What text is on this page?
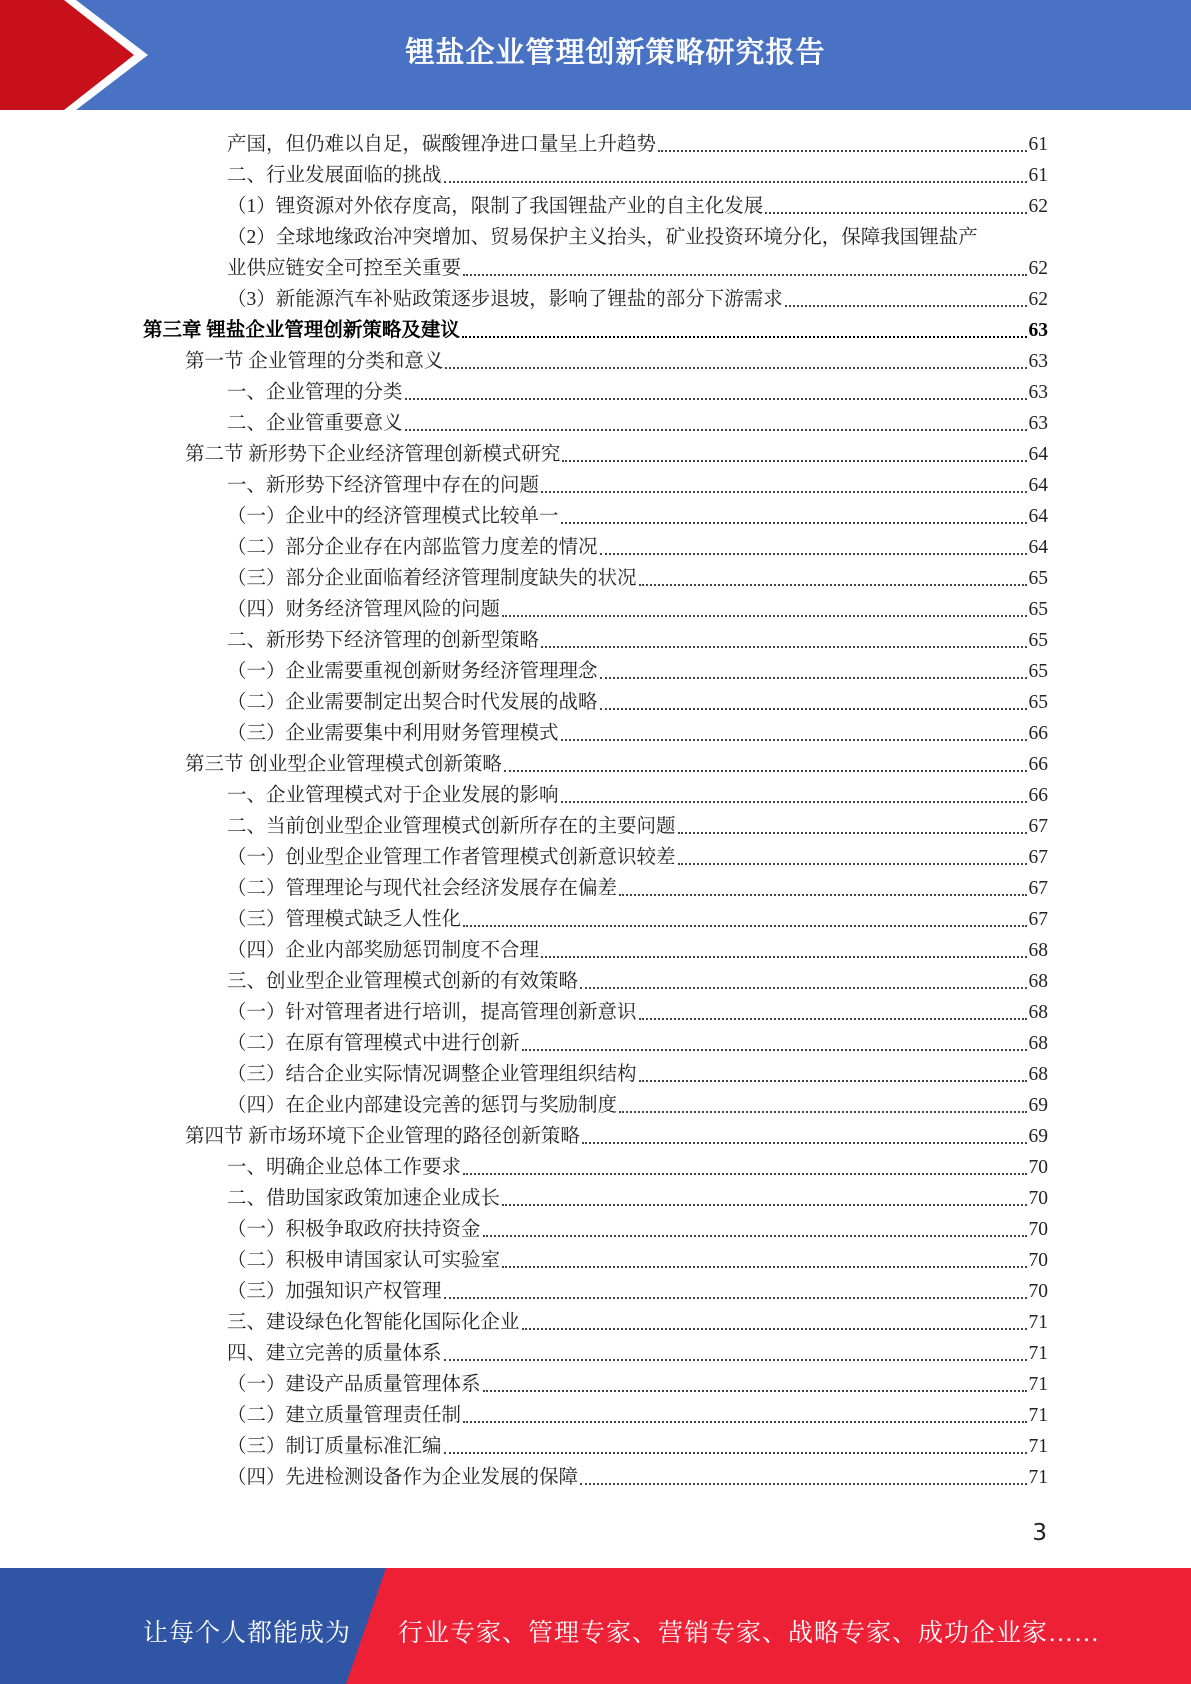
锂盐企业管理创新策略研究报告
产国，但仍难以自足，碳酸锂净进口量呈上升趋势	61
二、行业发展面临的挑战	61
（1）锂资源对外依存度高，限制了我国锂盐产业的自主化发展	62
（2）全球地缘政治冲突增加、贸易保护主义抬头，矿业投资环境分化，保障我国锂盐产
业供应链安全可控至关重要	62
（3）新能源汽车补贴政策逐步退坡，影响了锂盐的部分下游需求	62
第三章 锂盐企业管理创新策略及建议	63
第一节 企业管理的分类和意义	63
一、企业管理的分类	63
二、企业管重要意义	63
第二节 新形势下企业经济管理创新模式研究	64
一、新形势下经济管理中存在的问题	64
（一）企业中的经济管理模式比较单一	64
（二）部分企业存在内部监管力度差的情况	64
（三）部分企业面临着经济管理制度缺失的状况	65
（四）财务经济管理风险的问题	65
二、新形势下经济管理的创新型策略	65
（一）企业需要重视创新财务经济管理理念	65
（二）企业需要制定出契合时代发展的战略	65
（三）企业需要集中利用财务管理模式	66
第三节 创业型企业管理模式创新策略	66
一、企业管理模式对于企业发展的影响	66
二、当前创业型企业管理模式创新所存在的主要问题	67
（一）创业型企业管理工作者管理模式创新意识较差	67
（二）管理理论与现代社会经济发展存在偏差	67
（三）管理模式缺乏人性化	67
（四）企业内部奖励惩罚制度不合理	68
三、创业型企业管理模式创新的有效策略	68
（一）针对管理者进行培训，提高管理创新意识	68
（二）在原有管理模式中进行创新	68
（三）结合企业实际情况调整企业管理组织结构	68
（四）在企业内部建设完善的惩罚与奖励制度	69
第四节 新市场环境下企业管理的路径创新策略	69
一、明确企业总体工作要求	70
二、借助国家政策加速企业成长	70
（一）积极争取政府扶持资金	70
（二）积极申请国家认可实验室	70
（三）加强知识产权管理	70
三、建设绿色化智能化国际化企业	71
四、建立完善的质量体系	71
（一）建设产品质量管理体系	71
（二）建立质量管理责任制	71
（三）制订质量标准汇编	71
（四）先进检测设备作为企业发展的保障	71
3
让每个人都能成为 行业专家、管理专家、营销专家、战略专家、成功企业家……
